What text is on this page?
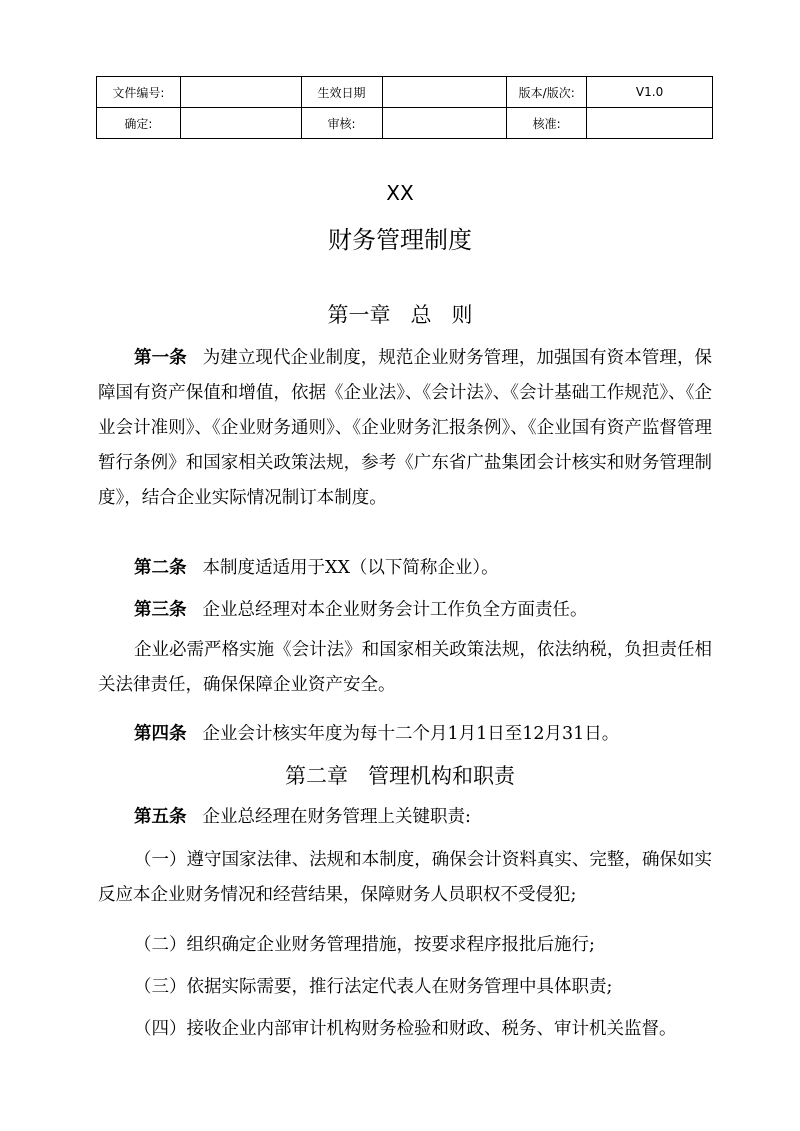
文件编号:		生效日期		版本/版次:	V1.0
确定:		审核:		核准:	
XX
财务管理制度
第一章   总   则
第一条 为建立现代企业制度，规范企业财务管理，加强国有资本管理，保障国有资产保值和增值，依据《企业法》、《会计法》、《会计基础工作规范》、《企业会计准则》、《企业财务通则》、《企业财务汇报条例》、《企业国有资产监督管理暂行条例》和国家相关政策法规，参考《广东省广盐集团会计核实和财务管理制度》，结合企业实际情况制订本制度。
第二条 本制度适适用于XX（以下简称企业）。
第三条 企业总经理对本企业财务会计工作负全方面责任。
企业必需严格实施《会计法》和国家相关政策法规，依法纳税，负担责任相关法律责任，确保保障企业资产安全。
第四条 企业会计核实年度为每十二个月1月1日至12月31日。
第二章   管理机构和职责
第五条 企业总经理在财务管理上关键职责:
（一）遵守国家法律、法规和本制度，确保会计资料真实、完整，确保如实反应本企业财务情况和经营结果，保障财务人员职权不受侵犯;
（二）组织确定企业财务管理措施，按要求程序报批后施行;
（三）依据实际需要，推行法定代表人在财务管理中具体职责;
（四）接收企业内部审计机构财务检验和财政、税务、审计机关监督。
